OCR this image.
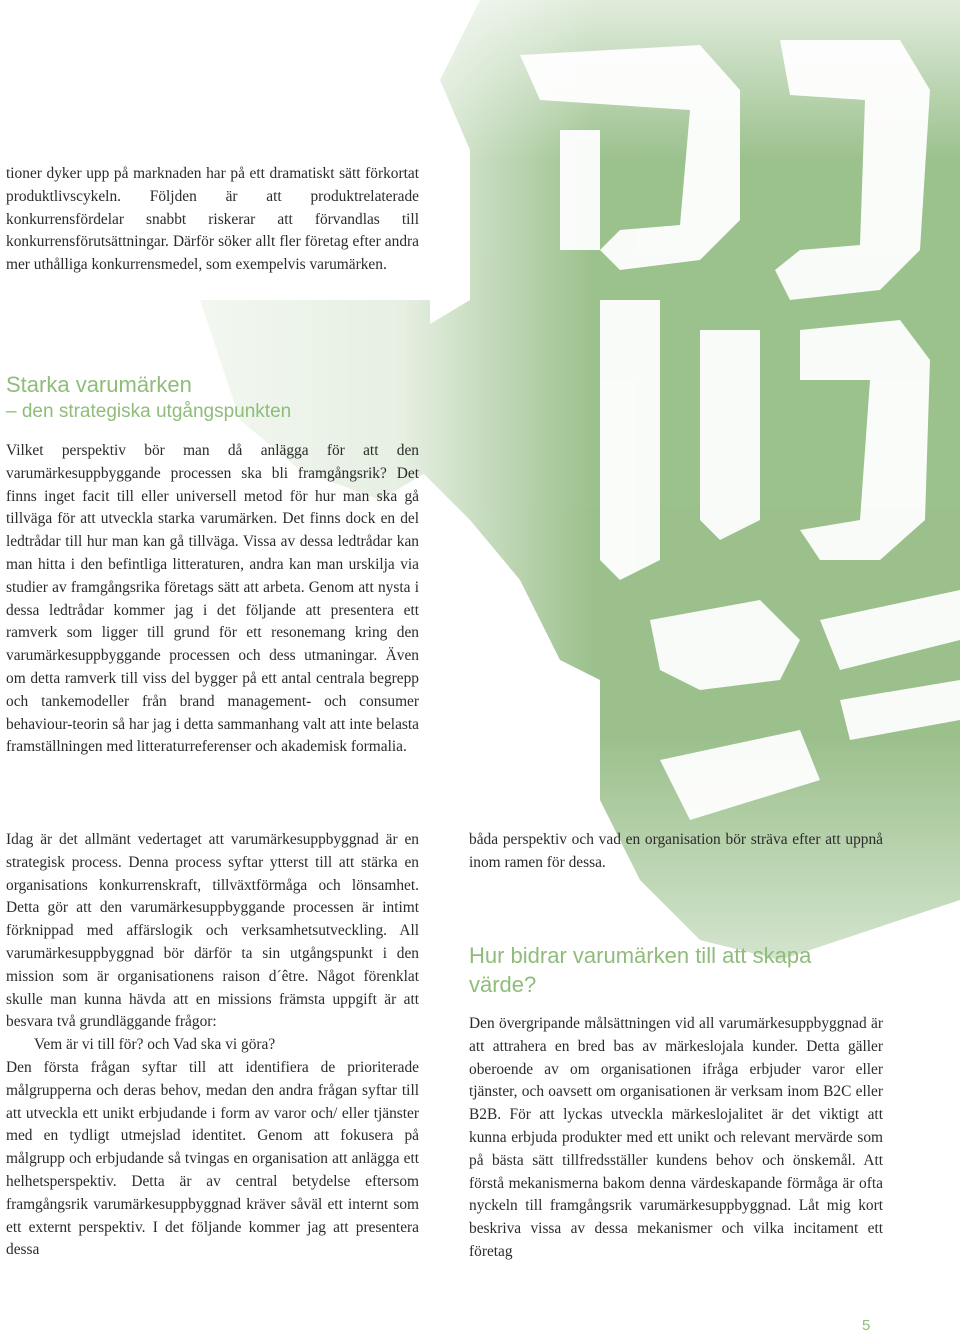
tioner dyker upp på marknaden har på ett dramatiskt sätt förkortat produktlivscykeln. Följden är att produktrelaterade konkurrensfördelar snabbt riskerar att förvandlas till konkurrensförutsättningar. Därför söker allt fler företag efter andra mer uthålliga konkurrensmedel, som exempelvis varumärken.

Starka varumärken
– den strategiska utgångspunkten

Vilket perspektiv bör man då anlägga för att den varumärkesuppbyggande processen ska bli framgångsrik? Det finns inget facit till eller universell metod för hur man ska gå tillväga för att utveckla starka varumärken. Det finns dock en del ledtrådar till hur man kan gå tillväga. Vissa av dessa ledtrådar kan man hitta i den befintliga litteraturen, andra kan man urskilja via studier av framgångsrika företags sätt att arbeta. Genom att nysta i dessa ledtrådar kommer jag i det följande att presentera ett ramverk som ligger till grund för ett resonemang kring den varumärkesuppbyggande processen och dess utmaningar. Även om detta ramverk till viss del bygger på ett antal centrala begrepp och tankemodeller från brand management- och consumer behaviour-teorin så har jag i detta sammanhang valt att inte belasta framställningen med litteraturreferenser och akademisk formalia.

Idag är det allmänt vedertaget att varumärkesuppbyggnad är en strategisk process. Denna process syftar ytterst till att stärka en organisations konkurrenskraft, tillväxtförmåga och lönsamhet. Detta gör att den varumärkesuppbyggande processen är intimt förknippad med affärslogik och verksamhetsutveckling. All varumärkesuppbyggnad bör därför ta sin utgångspunkt i den mission som är organisationens raison d´être. Något förenklat skulle man kunna hävda att en missions främsta uppgift är att besvara två grundläggande frågor:
Vem är vi till för? och Vad ska vi göra?
Den första frågan syftar till att identifiera de prioriterade målgrupperna och deras behov, medan den andra frågan syftar till att utveckla ett unikt erbjudande i form av varor och/ eller tjänster med en tydligt utmejslad identitet. Genom att fokusera på målgrupp och erbjudande så tvingas en organisation att anlägga ett helhetsperspektiv. Detta är av central betydelse eftersom framgångsrik varumärkesuppbyggnad kräver såväl ett internt som ett externt perspektiv. I det följande kommer jag att presentera dessa

båda perspektiv och vad en organisation bör sträva efter att uppnå inom ramen för dessa.

Hur bidrar varumärken till att skapa värde?

Den övergripande målsättningen vid all varumärkesuppbyggnad är att attrahera en bred bas av märkeslojala kunder. Detta gäller oberoende av om organisationen ifråga erbjuder varor eller tjänster, och oavsett om organisationen är verksam inom B2C eller B2B. För att lyckas utveckla märkeslojalitet är det viktigt att kunna erbjuda produkter med ett unikt och relevant mervärde som på bästa sätt tillfredsställer kundens behov och önskemål. Att förstå mekanismerna bakom denna värdeskapande förmåga är ofta nyckeln till framgångsrik varumärkesuppbyggnad. Låt mig kort beskriva vissa av dessa mekanismer och vilka incitament ett företag

5
